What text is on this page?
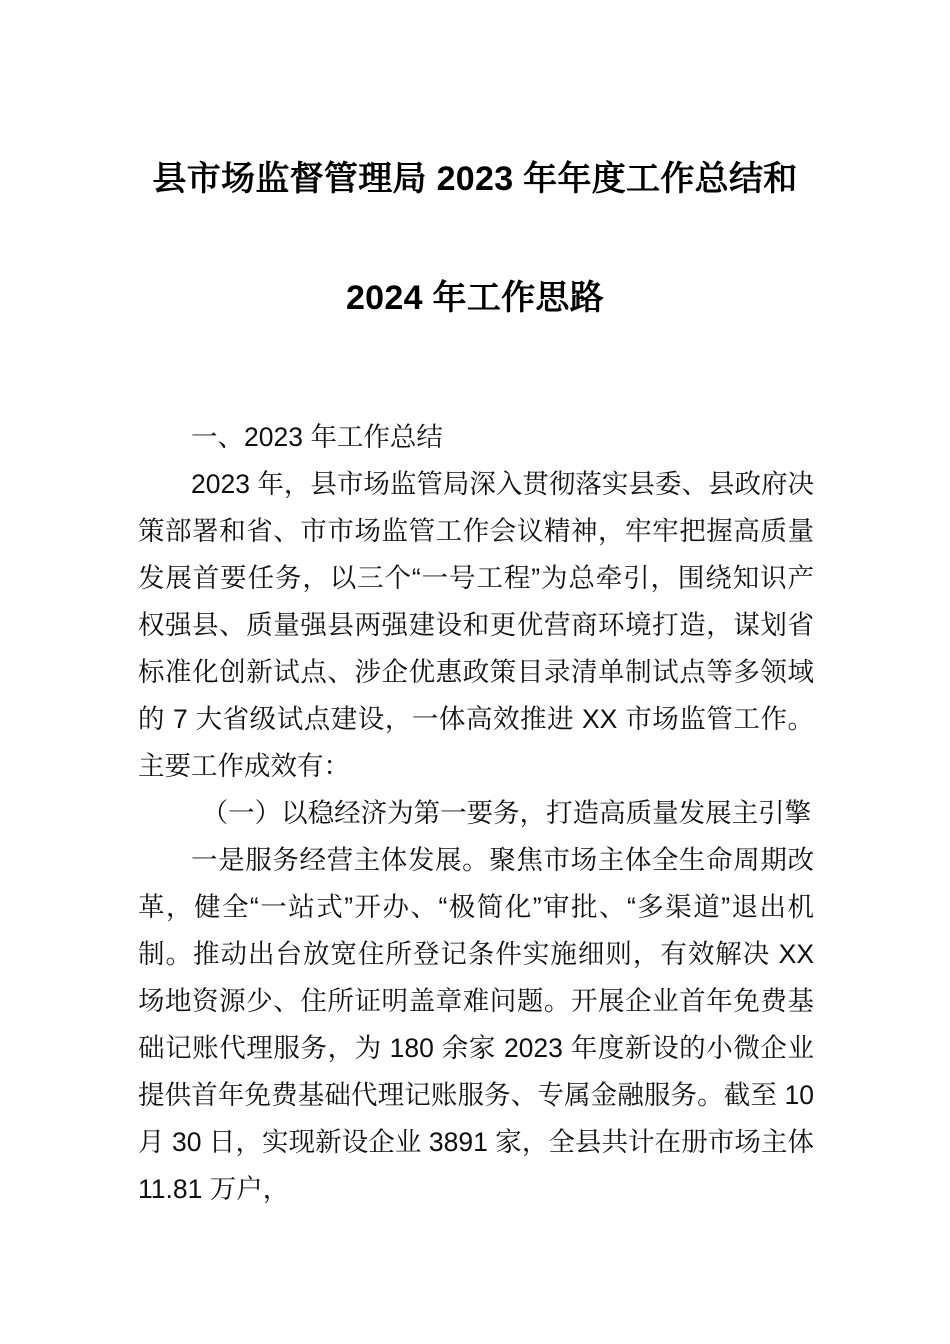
县市场监督管理局 2023 年年度工作总结和
2024 年工作思路

一、2023 年工作总结

2023 年，县市场监管局深入贯彻落实县委、县政府决策部署和省、市市场监管工作会议精神，牢牢把握高质量发展首要任务，以三个“一号工程”为总牵引，围绕知识产权强县、质量强县两强建设和更优营商环境打造，谋划省标准化创新试点、涉企优惠政策目录清单制试点等多领域的 7 大省级试点建设，一体高效推进 XX 市场监管工作。主要工作成效有：

（一）以稳经济为第一要务，打造高质量发展主引擎

一是服务经营主体发展。聚焦市场主体全生命周期改革，健全“一站式”开办、“极简化”审批、“多渠道”退出机制。推动出台放宽住所登记条件实施细则，有效解决 XX 场地资源少、住所证明盖章难问题。开展企业首年免费基础记账代理服务，为 180 余家 2023 年度新设的小微企业提供首年免费基础代理记账服务、专属金融服务。截至 10 月 30 日，实现新设企业 3891 家，全县共计在册市场主体 11.81 万户，
